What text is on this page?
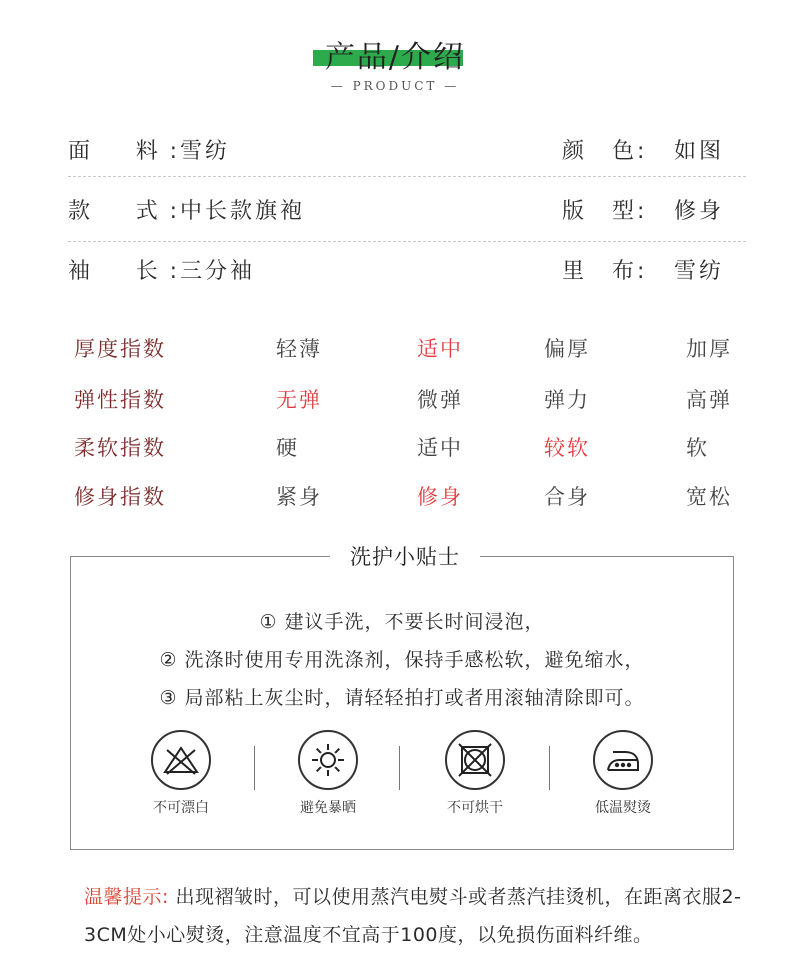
产品/介绍
— PRODUCT —
面　料:雪纺	颜　色: 如图
款　式:中长款旗袍	版　型: 修身
袖　长:三分袖	里　布: 雪纺
厚度指数	轻薄	适中	偏厚	加厚
弹性指数	无弹	微弹	弹力	高弹
柔软指数	硬	适中	较软	软
修身指数	紧身	修身	合身	宽松
洗护小贴士
① 建议手洗，不要长时间浸泡，
② 洗涤时使用专用洗涤剂，保持手感松软，避免缩水，
③ 局部粘上灰尘时，请轻轻拍打或者用滚轴清除即可。
不可漂白	避免暴晒	不可烘干	低温熨烫
温馨提示: 出现褶皱时，可以使用蒸汽电熨斗或者蒸汽挂烫机，在距离衣服2-3CM处小心熨烫，注意温度不宜高于100度，以免损伤面料纤维。
